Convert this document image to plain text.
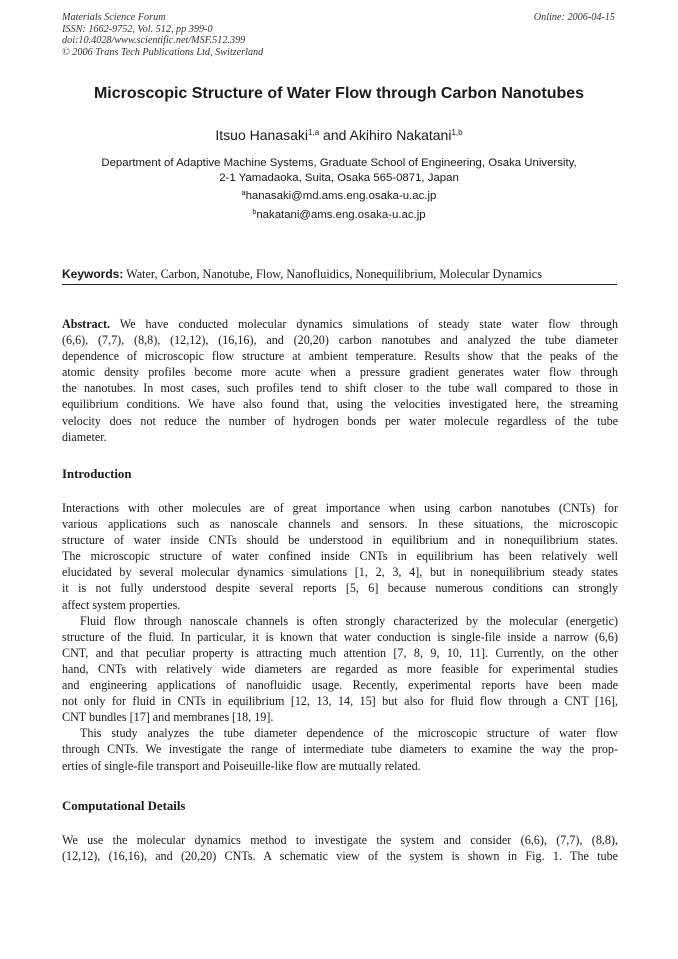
Materials Science Forum
ISSN: 1662-9752, Vol. 512, pp 399-0
doi:10.4028/www.scientific.net/MSF.512.399
© 2006 Trans Tech Publications Ltd, Switzerland
Online: 2006-04-15
Microscopic Structure of Water Flow through Carbon Nanotubes
Itsuo Hanasaki$^{1,a}$ and Akihiro Nakatani$^{1,b}$
Department of Adaptive Machine Systems, Graduate School of Engineering, Osaka University,
2-1 Yamadaoka, Suita, Osaka 565-0871, Japan
$^a$hanasaki@md.ams.eng.osaka-u.ac.jp
$^b$nakatani@ams.eng.osaka-u.ac.jp
Keywords: Water, Carbon, Nanotube, Flow, Nanofluidics, Nonequilibrium, Molecular Dynamics
Abstract. We have conducted molecular dynamics simulations of steady state water flow through
(6,6), (7,7), (8,8), (12,12), (16,16), and (20,20) carbon nanotubes and analyzed the tube diameter
dependence of microscopic flow structure at ambient temperature. Results show that the peaks of the
atomic density profiles become more acute when a pressure gradient generates water flow through
the nanotubes. In most cases, such profiles tend to shift closer to the tube wall compared to those in
equilibrium conditions. We have also found that, using the velocities investigated here, the streaming
velocity does not reduce the number of hydrogen bonds per water molecule regardless of the tube
diameter.
Introduction
Interactions with other molecules are of great importance when using carbon nanotubes (CNTs) for
various applications such as nanoscale channels and sensors. In these situations, the microscopic
structure of water inside CNTs should be understood in equilibrium and in nonequilibrium states.
The microscopic structure of water confined inside CNTs in equilibrium has been relatively well
elucidated by several molecular dynamics simulations [1, 2, 3, 4], but in nonequilibrium steady states
it is not fully understood despite several reports [5, 6] because numerous conditions can strongly
affect system properties.
Fluid flow through nanoscale channels is often strongly characterized by the molecular (energetic)
structure of the fluid. In particular, it is known that water conduction is single-file inside a narrow (6,6)
CNT, and that peculiar property is attracting much attention [7, 8, 9, 10, 11]. Currently, on the other
hand, CNTs with relatively wide diameters are regarded as more feasible for experimental studies
and engineering applications of nanofluidic usage. Recently, experimental reports have been made
not only for fluid in CNTs in equilibrium [12, 13, 14, 15] but also for fluid flow through a CNT [16],
CNT bundles [17] and membranes [18, 19].
This study analyzes the tube diameter dependence of the microscopic structure of water flow
through CNTs. We investigate the range of intermediate tube diameters to examine the way the prop-
erties of single-file transport and Poiseuille-like flow are mutually related.
Computational Details
We use the molecular dynamics method to investigate the system and consider (6,6), (7,7), (8,8),
(12,12), (16,16), and (20,20) CNTs. A schematic view of the system is shown in Fig. 1. The tube
